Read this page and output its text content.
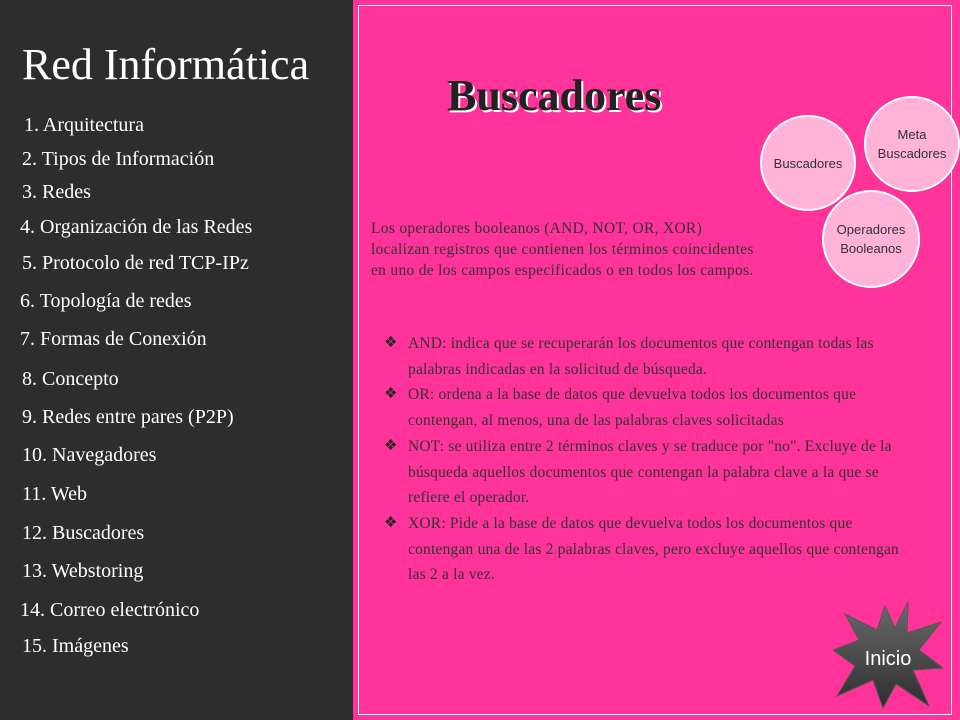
Red Informática
1. Arquitectura
2. Tipos de Información
3. Redes
4. Organización de las Redes
5. Protocolo de red TCP-IPz
6. Topología de redes
7. Formas de Conexión
8. Concepto
9. Redes entre pares (P2P)
10. Navegadores
11. Web
12. Buscadores
13. Webstoring
14. Correo electrónico
15. Imágenes
Buscadores
Buscadores
Meta
Buscadores
Operadores
Booleanos

Los operadores booleanos (AND, NOT, OR, XOR) localizan registros que contienen los términos coincidentes en uno de los campos especificados o en todos los campos.

❖ AND: indica que se recuperarán los documentos que contengan todas las palabras indicadas en la solicitud de búsqueda.
❖ OR: ordena a la base de datos que devuelva todos los documentos que contengan, al menos, una de las palabras claves solicitadas
❖ NOT: se utiliza entre 2 términos claves y se traduce por "no". Excluye de la búsqueda aquellos documentos que contengan la palabra clave a la que se refiere el operador.
❖ XOR: Pide a la base de datos que devuelva todos los documentos que contengan una de las 2 palabras claves, pero excluye aquellos que contengan las 2 a la vez.
Inicio
